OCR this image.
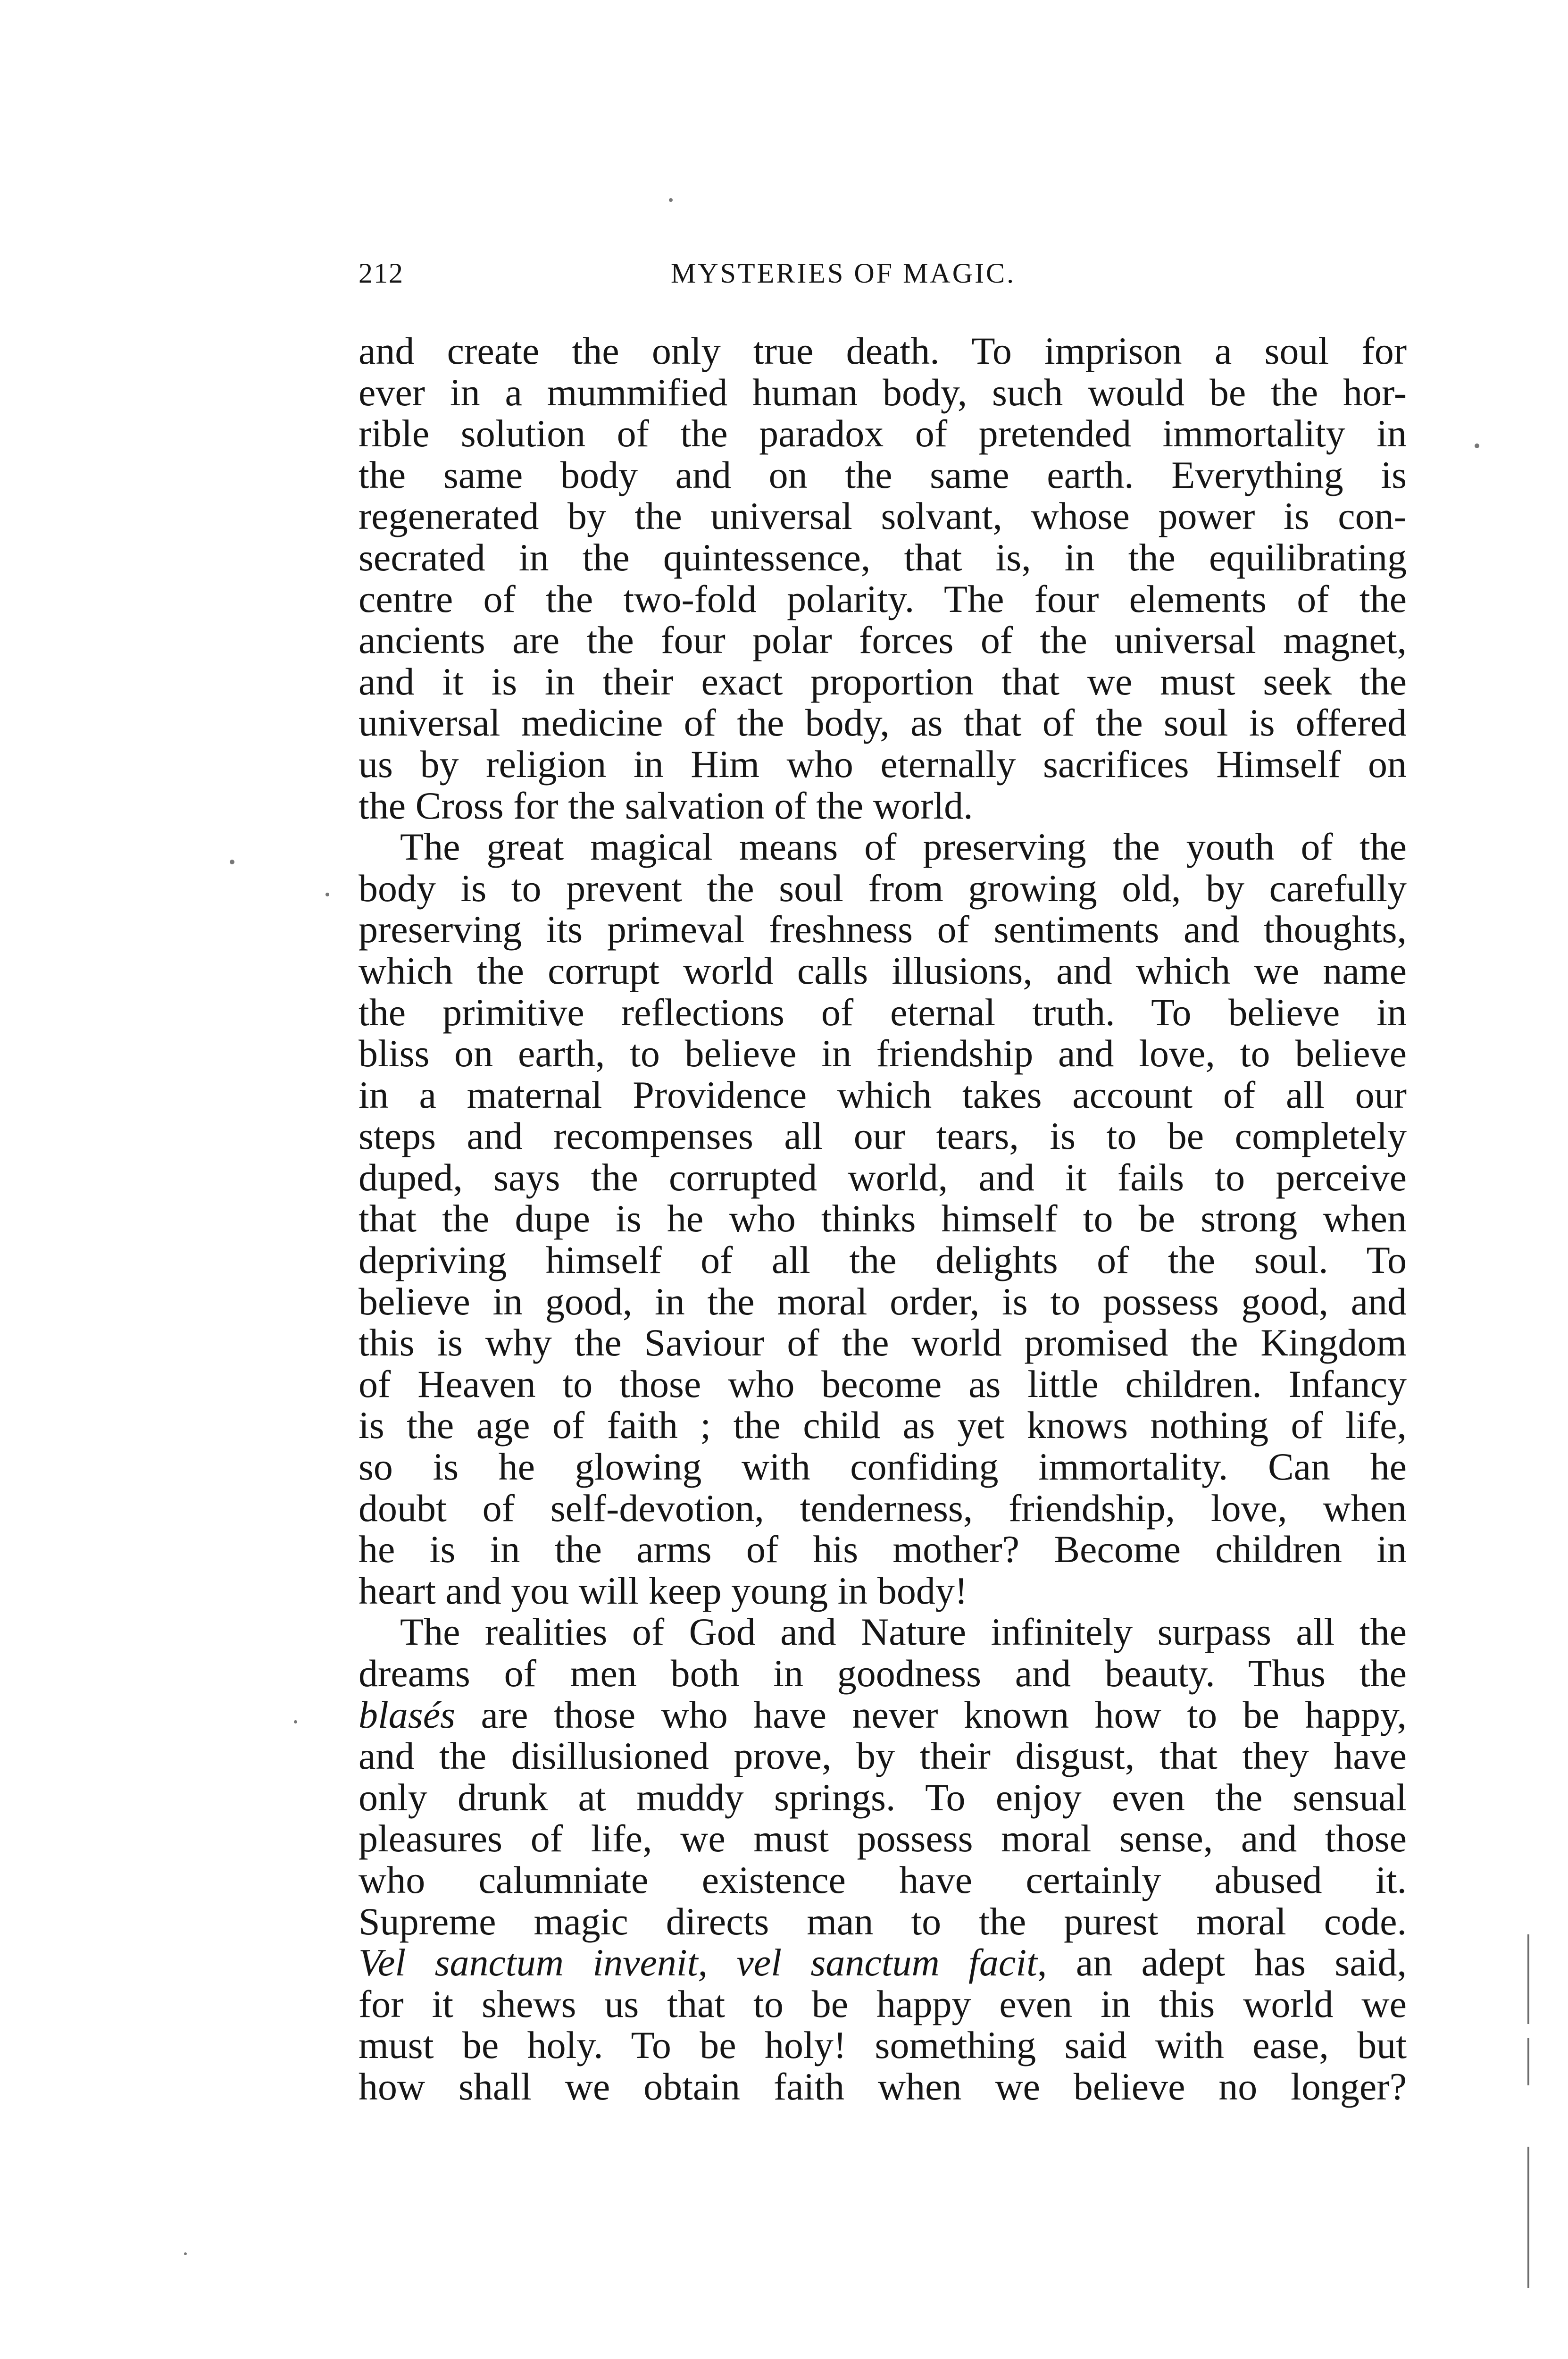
212	MYSTERIES OF MAGIC.
and create the only true death. To imprison a soul for
ever in a mummified human body, such would be the hor-
rible solution of the paradox of pretended immortality in
the same body and on the same earth. Everything is
regenerated by the universal solvant, whose power is con-
secrated in the quintessence, that is, in the equilibrating
centre of the two-fold polarity. The four elements of the
ancients are the four polar forces of the universal magnet,
and it is in their exact proportion that we must seek the
universal medicine of the body, as that of the soul is offered
us by religion in Him who eternally sacrifices Himself on
the Cross for the salvation of the world.
The great magical means of preserving the youth of the
body is to prevent the soul from growing old, by carefully
preserving its primeval freshness of sentiments and thoughts,
which the corrupt world calls illusions, and which we name
the primitive reflections of eternal truth. To believe in
bliss on earth, to believe in friendship and love, to believe
in a maternal Providence which takes account of all our
steps and recompenses all our tears, is to be completely
duped, says the corrupted world, and it fails to perceive
that the dupe is he who thinks himself to be strong when
depriving himself of all the delights of the soul. To
believe in good, in the moral order, is to possess good, and
this is why the Saviour of the world promised the Kingdom
of Heaven to those who become as little children. Infancy
is the age of faith ; the child as yet knows nothing of life,
so is he glowing with confiding immortality. Can he
doubt of self-devotion, tenderness, friendship, love, when
he is in the arms of his mother? Become children in
heart and you will keep young in body!
The realities of God and Nature infinitely surpass all the
dreams of men both in goodness and beauty. Thus the
blasés are those who have never known how to be happy,
and the disillusioned prove, by their disgust, that they have
only drunk at muddy springs. To enjoy even the sensual
pleasures of life, we must possess moral sense, and those
who calumniate existence have certainly abused it.
Supreme magic directs man to the purest moral code.
Vel sanctum invenit, vel sanctum facit, an adept has said,
for it shews us that to be happy even in this world we
must be holy. To be holy! something said with ease, but
how shall we obtain faith when we believe no longer?
